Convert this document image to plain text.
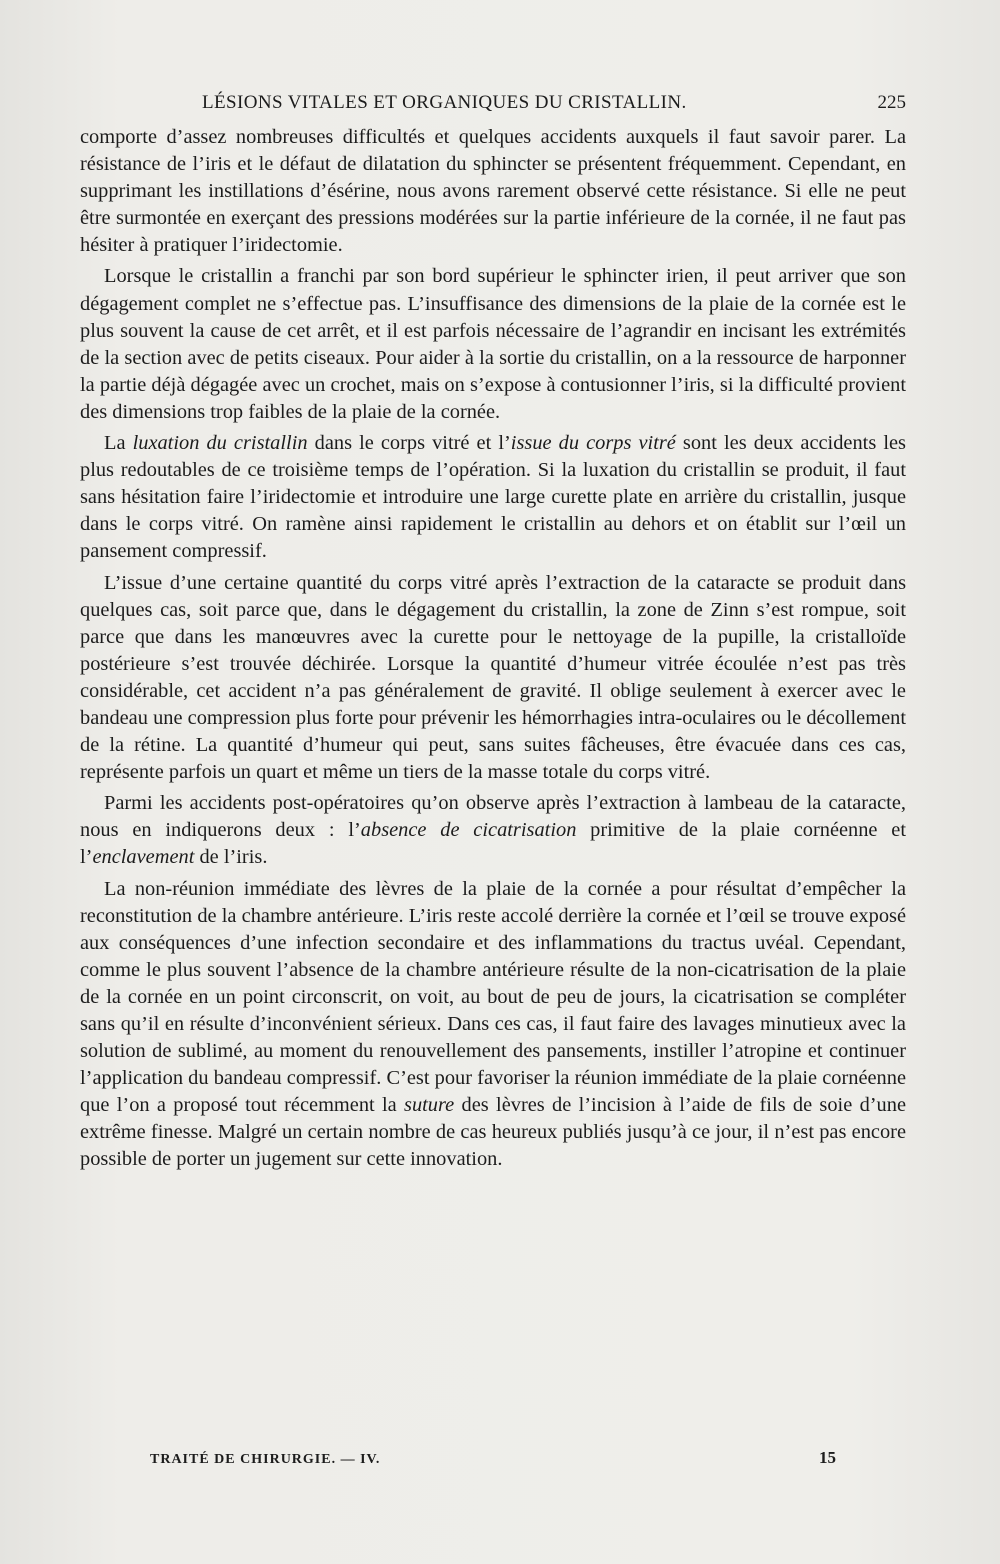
LÉSIONS VITALES ET ORGANIQUES DU CRISTALLIN.	225

comporte d’assez nombreuses difficultés et quelques accidents auxquels il faut savoir parer. La résistance de l’iris et le défaut de dilatation du sphincter se présentent fréquemment. Cependant, en supprimant les instillations d’ésérine, nous avons rarement observé cette résistance. Si elle ne peut être surmontée en exerçant des pressions modérées sur la partie inférieure de la cornée, il ne faut pas hésiter à pratiquer l’iridectomie.

Lorsque le cristallin a franchi par son bord supérieur le sphincter irien, il peut arriver que son dégagement complet ne s’effectue pas. L’insuffisance des dimensions de la plaie de la cornée est le plus souvent la cause de cet arrêt, et il est parfois nécessaire de l’agrandir en incisant les extrémités de la section avec de petits ciseaux. Pour aider à la sortie du cristallin, on a la ressource de harponner la partie déjà dégagée avec un crochet, mais on s’expose à contusionner l’iris, si la difficulté provient des dimensions trop faibles de la plaie de la cornée.

La luxation du cristallin dans le corps vitré et l’issue du corps vitré sont les deux accidents les plus redoutables de ce troisième temps de l’opération. Si la luxation du cristallin se produit, il faut sans hésitation faire l’iridectomie et introduire une large curette plate en arrière du cristallin, jusque dans le corps vitré. On ramène ainsi rapidement le cristallin au dehors et on établit sur l’œil un pansement compressif.

L’issue d’une certaine quantité du corps vitré après l’extraction de la cataracte se produit dans quelques cas, soit parce que, dans le dégagement du cristallin, la zone de Zinn s’est rompue, soit parce que dans les manœuvres avec la curette pour le nettoyage de la pupille, la cristalloïde postérieure s’est trouvée déchirée. Lorsque la quantité d’humeur vitrée écoulée n’est pas très considérable, cet accident n’a pas généralement de gravité. Il oblige seulement à exercer avec le bandeau une compression plus forte pour prévenir les hémorrhagies intra-oculaires ou le décollement de la rétine. La quantité d’humeur qui peut, sans suites fâcheuses, être évacuée dans ces cas, représente parfois un quart et même un tiers de la masse totale du corps vitré.

Parmi les accidents post-opératoires qu’on observe après l’extraction à lambeau de la cataracte, nous en indiquerons deux : l’absence de cicatrisation primitive de la plaie cornéenne et l’enclavement de l’iris.

La non-réunion immédiate des lèvres de la plaie de la cornée a pour résultat d’empêcher la reconstitution de la chambre antérieure. L’iris reste accolé derrière la cornée et l’œil se trouve exposé aux conséquences d’une infection secondaire et des inflammations du tractus uvéal. Cependant, comme le plus souvent l’absence de la chambre antérieure résulte de la non-cicatrisation de la plaie de la cornée en un point circonscrit, on voit, au bout de peu de jours, la cicatrisation se compléter sans qu’il en résulte d’inconvénient sérieux. Dans ces cas, il faut faire des lavages minutieux avec la solution de sublimé, au moment du renouvellement des pansements, instiller l’atropine et continuer l’application du bandeau compressif. C’est pour favoriser la réunion immédiate de la plaie cornéenne que l’on a proposé tout récemment la suture des lèvres de l’incision à l’aide de fils de soie d’une extrême finesse. Malgré un certain nombre de cas heureux publiés jusqu’à ce jour, il n’est pas encore possible de porter un jugement sur cette innovation.

TRAITÉ DE CHIRURGIE. — IV.	15
